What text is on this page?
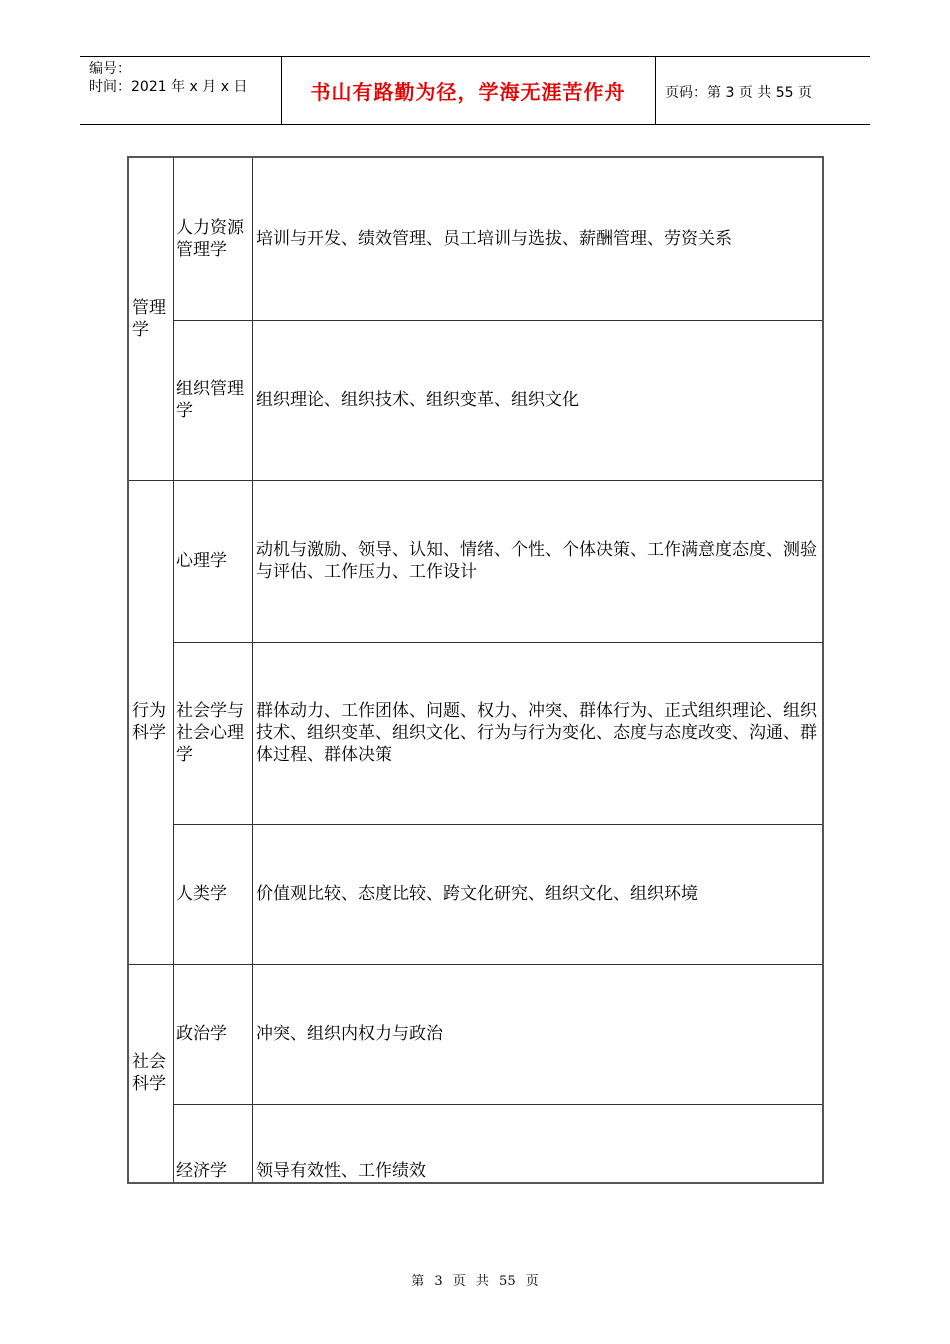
编号：
时间：2021 年 x 月 x 日	书山有路勤为径，学海无涯苦作舟	页码：第 3 页 共 55 页
管理学
行为科学
社会科学
人力资源管理学
组织管理学
心理学
社会学与社会心理学
人类学
政治学
经济学
培训与开发、绩效管理、员工培训与选拔、薪酬管理、劳资关系
组织理论、组织技术、组织变革、组织文化
动机与激励、领导、认知、情绪、个性、个体决策、工作满意度态度、测验与评估、工作压力、工作设计
群体动力、工作团体、问题、权力、冲突、群体行为、正式组织理论、组织技术、组织变革、组织文化、行为与行为变化、态度与态度改变、沟通、群体过程、群体决策
价值观比较、态度比较、跨文化研究、组织文化、组织环境
冲突、组织内权力与政治
领导有效性、工作绩效
第 3 页 共 55 页
